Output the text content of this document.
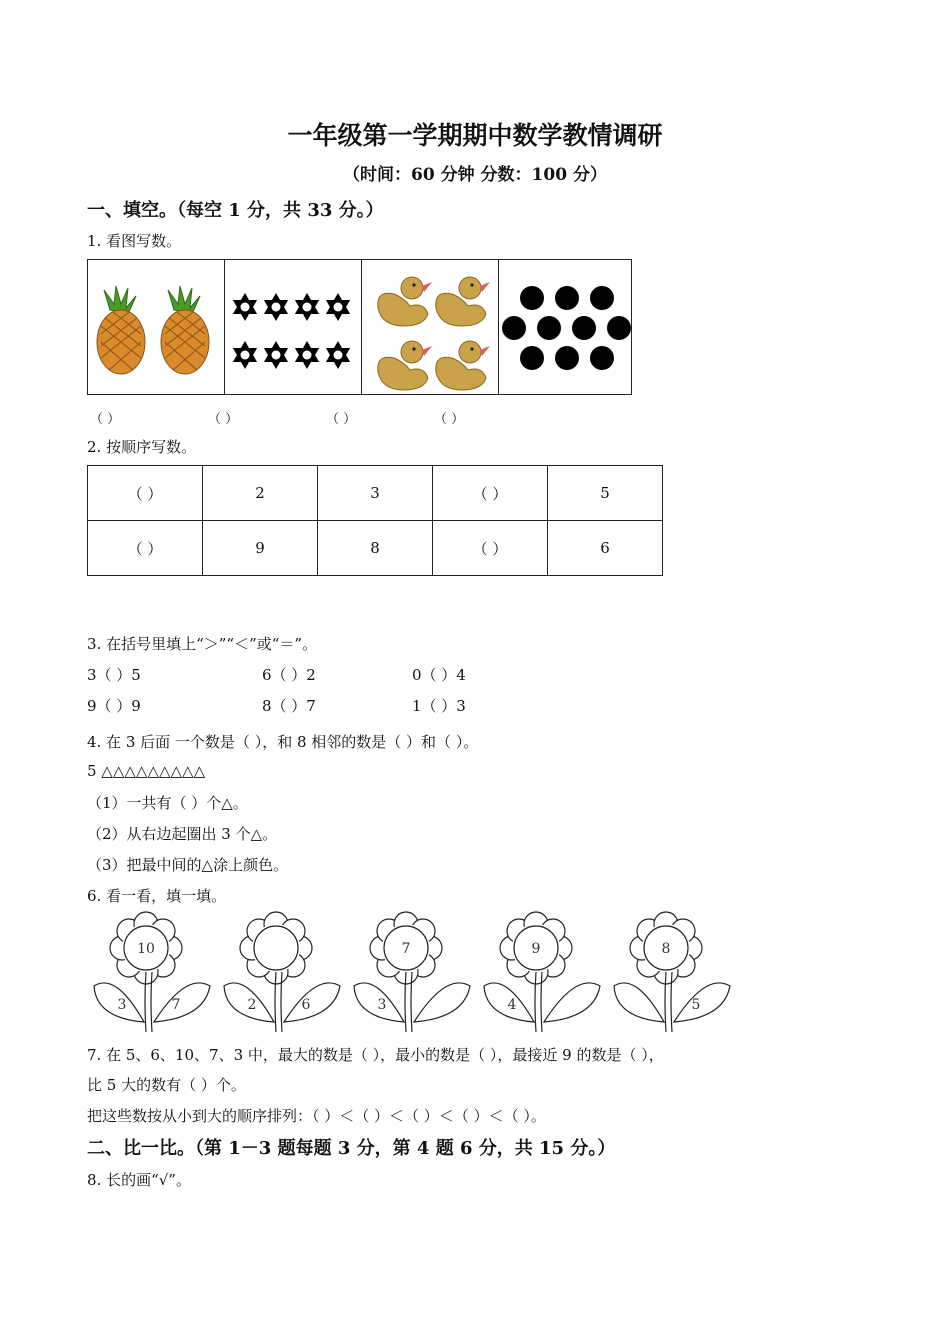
一年级第一学期期中数学教情调研
（时间：60 分钟 分数：100 分）
一、填空。（每空 1 分，共 33 分。）
1. 看图写数。
（ ）	（ ）	（ ）	（ ）
2. 按顺序写数。
（ ）	2	3	（ ）	5
（ ）	9	8	（ ）	6
3. 在括号里填上“＞”“＜”或“＝”。
3（ ）5	6（ ）2	0（ ）4
9（ ）9	8（ ）7	1（ ）3
4. 在 3 后面 一个数是（ ），和 8 相邻的数是（ ）和（ ）。
5 △△△△△△△△△
（1）一共有（ ）个△。
（2）从右边起圈出 3 个△。
（3）把最中间的△涂上颜色。
6. 看一看，填一填。
10
3	7	2	6
7
3
9
4
8
5
7. 在 5、6、10、7、3 中，最大的数是（ ），最小的数是（ ），最接近 9 的数是（ ），
比 5 大的数有（ ）个。
把这些数按从小到大的顺序排列：（ ）＜（ ）＜（ ）＜（ ）＜（ ）。
二、比一比。（第 1－3 题每题 3 分，第 4 题 6 分，共 15 分。）
8. 长的画“√”。
